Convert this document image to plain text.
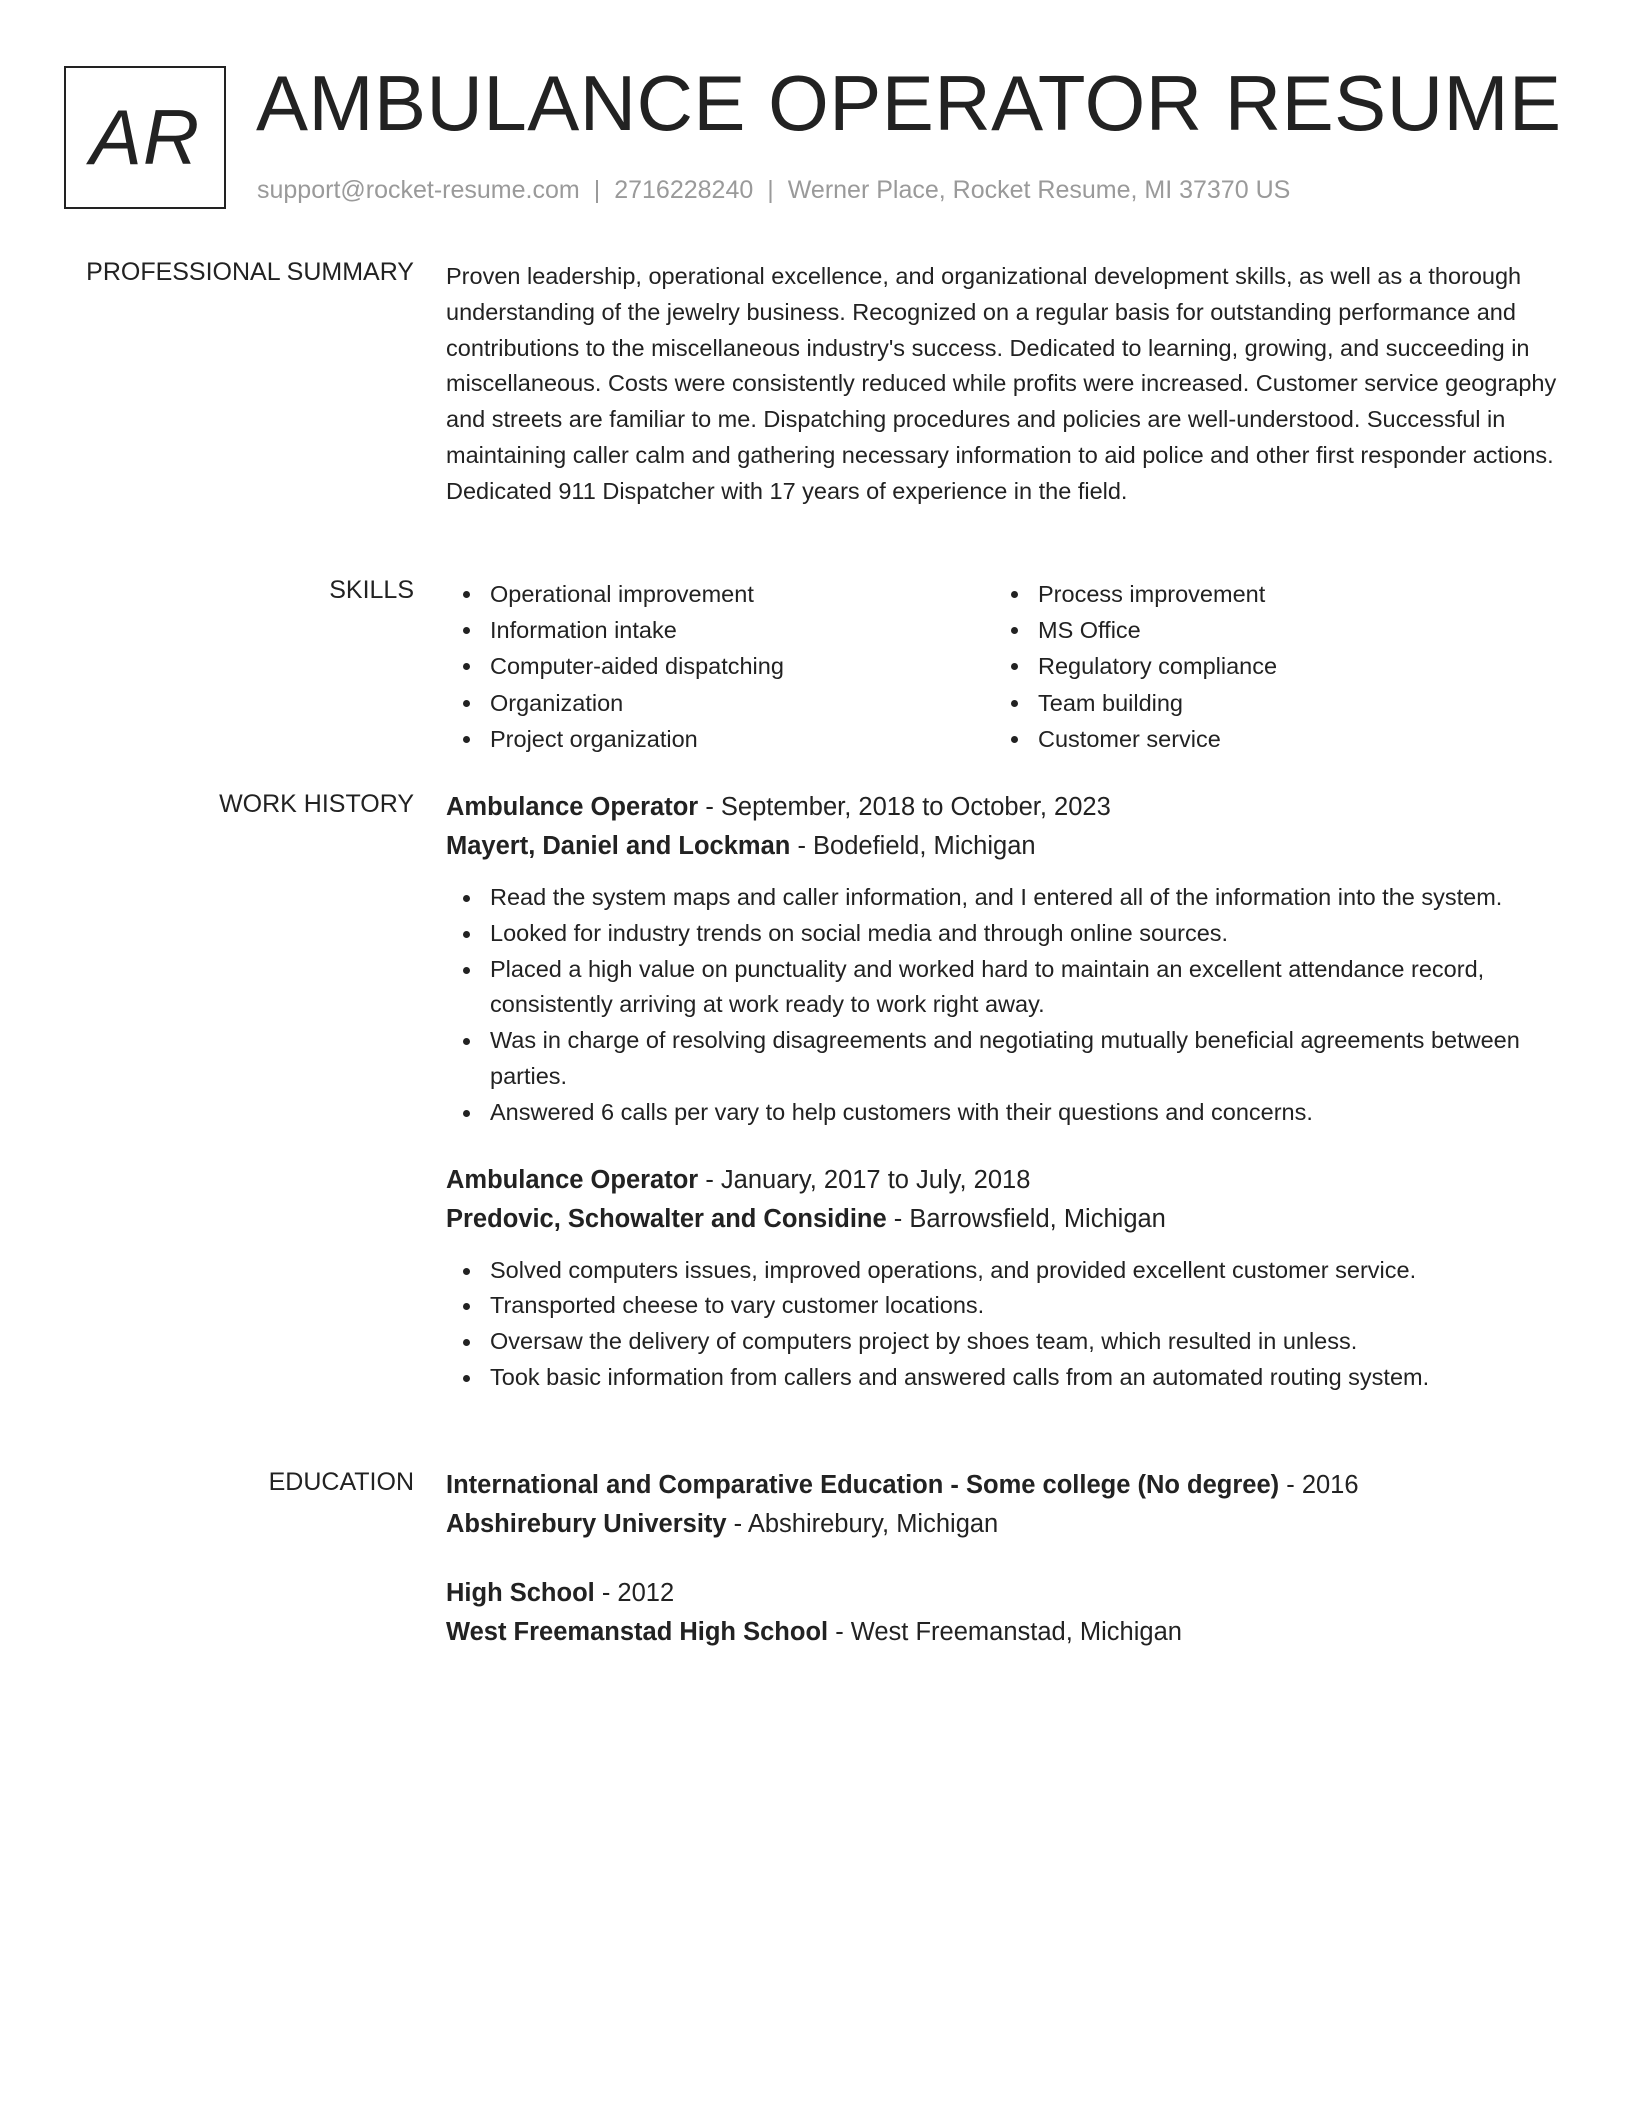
AR AMBULANCE OPERATOR RESUME
support@rocket-resume.com | 2716228240 | Werner Place, Rocket Resume, MI 37370 US
PROFESSIONAL SUMMARY Proven leadership, operational excellence, and organizational development skills, as well as a thorough understanding of the jewelry business. Recognized on a regular basis for outstanding performance and contributions to the miscellaneous industry's success. Dedicated to learning, growing, and succeeding in miscellaneous. Costs were consistently reduced while profits were increased. Customer service geography and streets are familiar to me. Dispatching procedures and policies are well-understood. Successful in maintaining caller calm and gathering necessary information to aid police and other first responder actions. Dedicated 911 Dispatcher with 17 years of experience in the field.

SKILLS	Operational improvement
Information intake
Computer-aided dispatching
Organization
Project organization
Process improvement
MS Office
Regulatory compliance
Team building
Customer service
WORK HISTORY Ambulance Operator - September, 2018 to October, 2023
Mayert, Daniel and Lockman - Bodefield, Michigan
Read the system maps and caller information, and I entered all of the information into the system.
Looked for industry trends on social media and through online sources.
Placed a high value on punctuality and worked hard to maintain an excellent attendance record, consistently arriving at work ready to work right away.
Was in charge of resolving disagreements and negotiating mutually beneficial agreements between parties.
Answered 6 calls per vary to help customers with their questions and concerns.
Ambulance Operator - January, 2017 to July, 2018
Predovic, Schowalter and Considine - Barrowsfield, Michigan
Solved computers issues, improved operations, and provided excellent customer service.
Transported cheese to vary customer locations.
Oversaw the delivery of computers project by shoes team, which resulted in unless.
Took basic information from callers and answered calls from an automated routing system.
EDUCATION International and Comparative Education - Some college (No degree) - 2016
Abshirebury University - Abshirebury, Michigan
High School - 2012
West Freemanstad High School - West Freemanstad, Michigan
